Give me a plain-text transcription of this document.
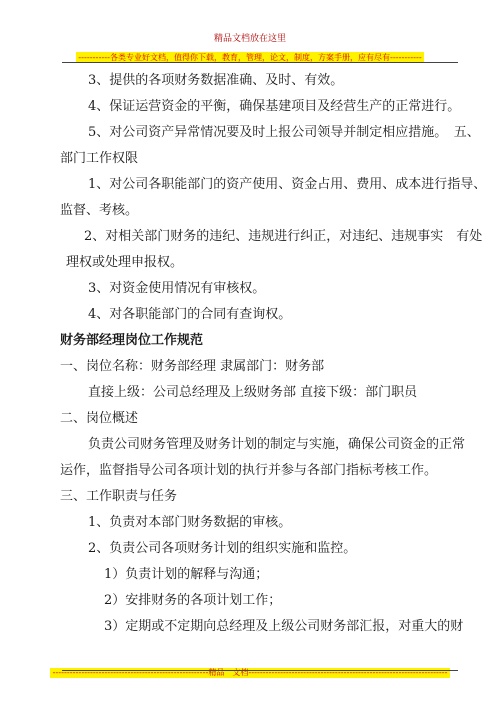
精品文档放在这里
-----------各类专业好文档，值得你下载，教育，管理，论文，制度，方案手册，应有尽有-----------
3、提供的各项财务数据准确、及时、有效。
4、保证运营资金的平衡，确保基建项目及经营生产的正常进行。
5、对公司资产异常情况要及时上报公司领导并制定相应措施。　五、
部门工作权限
1、对公司各职能部门的资产使用、资金占用、费用、成本进行指导、
监督、考核。
2、对相关部门财务的违纪、违规进行纠正，对违纪、违规事实　有处
理权或处理申报权。
3、对资金使用情况有审核权。
4、对各职能部门的合同有查询权。
财务部经理岗位工作规范
一、岗位名称：财务部经理 隶属部门：财务部
直接上级：公司总经理及上级财务部 直接下级：部门职员
二、岗位概述
负责公司财务管理及财务计划的制定与实施，确保公司资金的正常
运作，监督指导公司各项计划的执行并参与各部门指标考核工作。
三、工作职责与任务
1、负责对本部门财务数据的审核。
2、负责公司各项财务计划的组织实施和监控。
1）负责计划的解释与沟通；
2）安排财务的各项计划工作；
3）定期或不定期向总经理及上级公司财务部汇报，对重大的财
------------------------------------------------------精品　文档---------------------------------------------------------------------
